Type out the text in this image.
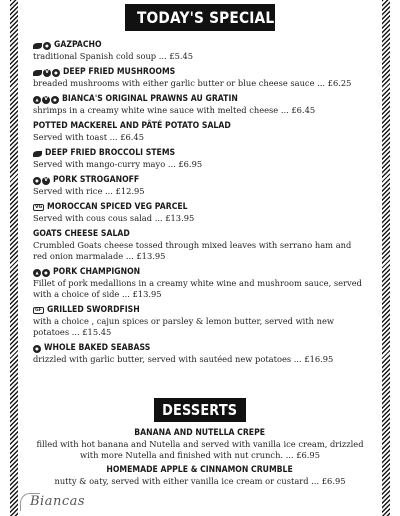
TODAY'S SPECIALS
● GAZPACHO
traditional Spanish cold soup ... £5.45
V	● DEEP FRIED MUSHROOMS
breaded mushrooms with either garlic butter or blue cheese sauce ... £6.25
▲	V	● BIANCA'S ORIGINAL PRAWNS AU GRATIN
shrimps in a creamy white wine sauce with melted cheese ... £6.45
POTTED MACKEREL AND PÂTÉ POTATO SALAD
Served with toast ... £6.45
DEEP FRIED BROCCOLI STEMS
Served with mango-curry mayo ... £6.95
●	V PORK STROGANOFF
Served with rice ... £12.95
VG MOROCCAN SPICED VEG PARCEL
Served with cous cous salad ... £13.95
GOATS CHEESE SALAD
Crumbled Goats cheese tossed through mixed leaves with serrano ham and red onion marmalade ... £13.95
▲	● PORK CHAMPIGNON
Fillet of pork medallions in a creamy white wine and mushroom sauce, served with a choice of side ... £13.95
GF GRILLED SWORDFISH
with a choice , cajun spices or parsley & lemon butter, served with new potatoes ... £15.45
● WHOLE BAKED SEABASS
drizzled with garlic butter, served with sautéed new potatoes ... £16.95
DESSERTS
BANANA AND NUTELLA CREPE
filled with hot banana and Nutella and served with vanilla ice cream, drizzled with more Nutella and finished with nut crunch. ... £6.95
HOMEMADE APPLE & CINNAMON CRUMBLE
nutty & oaty, served with either vanilla ice cream or custard ... £6.95
Biancas
